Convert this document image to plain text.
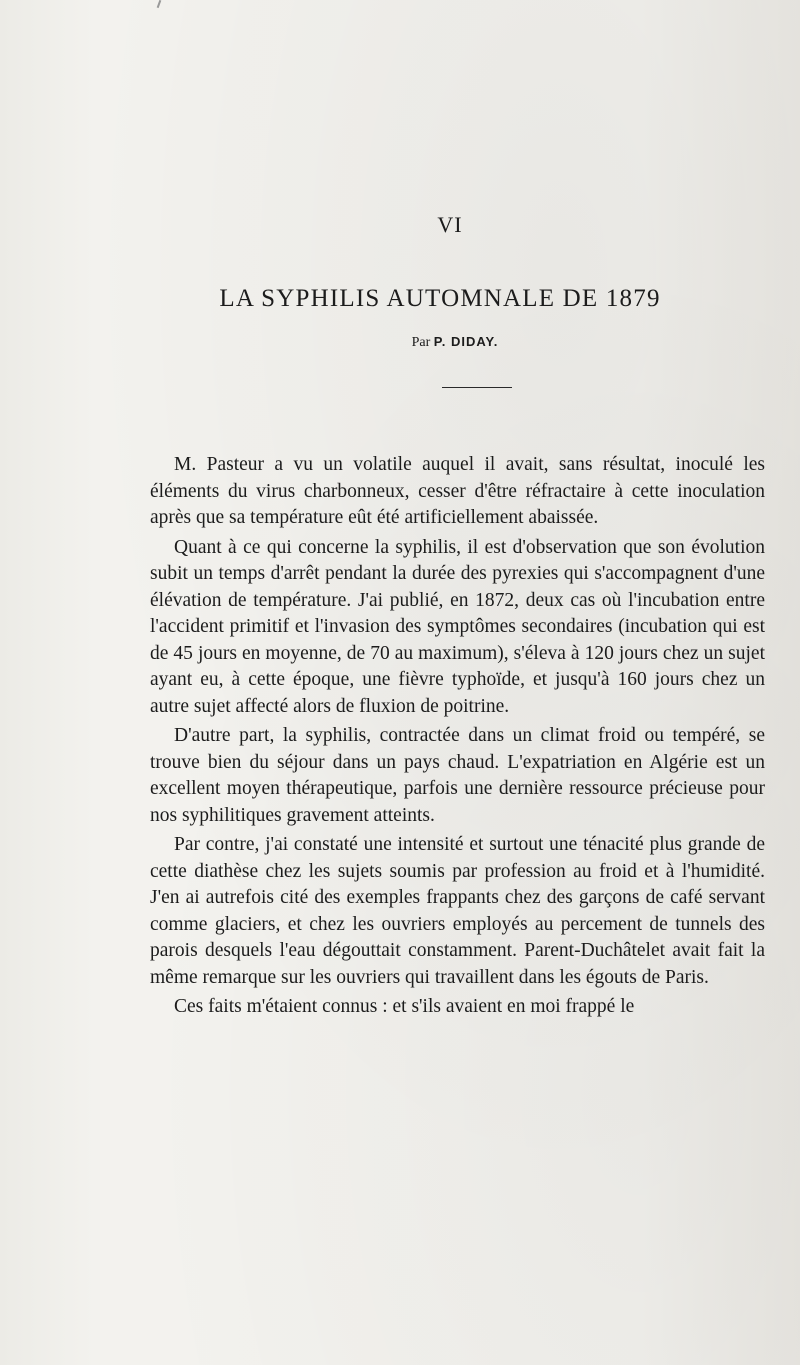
VI
LA SYPHILIS AUTOMNALE DE 1879
Par P. DIDAY.

M. Pasteur a vu un volatile auquel il avait, sans résultat, inoculé les éléments du virus charbonneux, cesser d'être réfractaire à cette inoculation après que sa température eût été artificiellement abaissée.

Quant à ce qui concerne la syphilis, il est d'observation que son évolution subit un temps d'arrêt pendant la durée des pyrexies qui s'accompagnent d'une élévation de température. J'ai publié, en 1872, deux cas où l'incubation entre l'accident primitif et l'invasion des symptômes secondaires (incubation qui est de 45 jours en moyenne, de 70 au maximum), s'éleva à 120 jours chez un sujet ayant eu, à cette époque, une fièvre typhoïde, et jusqu'à 160 jours chez un autre sujet affecté alors de fluxion de poitrine.

D'autre part, la syphilis, contractée dans un climat froid ou tempéré, se trouve bien du séjour dans un pays chaud. L'expatriation en Algérie est un excellent moyen thérapeutique, parfois une dernière ressource précieuse pour nos syphilitiques gravement atteints.

Par contre, j'ai constaté une intensité et surtout une ténacité plus grande de cette diathèse chez les sujets soumis par profession au froid et à l'humidité. J'en ai autrefois cité des exemples frappants chez des garçons de café servant comme glaciers, et chez les ouvriers employés au percement de tunnels des parois desquels l'eau dégouttait constamment. Parent-Duchâtelet avait fait la même remarque sur les ouvriers qui travaillent dans les égouts de Paris.

Ces faits m'étaient connus : et s'ils avaient en moi frappé le
